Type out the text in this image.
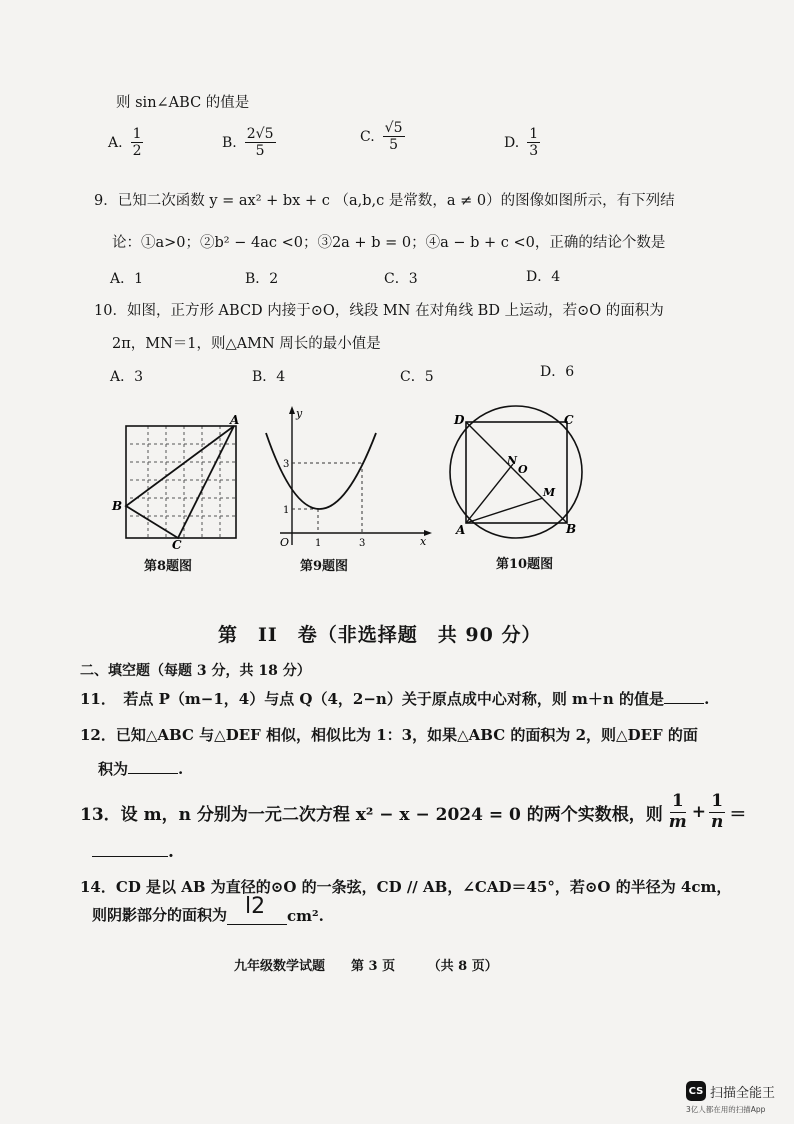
则 sin∠ABC 的值是
A. $\frac{1}{2}$	B. $\frac{2√5}{5}$	C. $\frac{√5}{5}$	D. $\frac{1}{3}$
9．已知二次函数 y = ax² + bx + c （a,b,c 是常数，a ≠ 0）的图像如图所示，有下列结
论：①a>0；②b² − 4ac <0；③2a + b = 0；④a − b + c <0，正确的结论个数是
A．1	B．2	C．3	D．4
10．如图，正方形 ABCD 内接于⊙O，线段 MN 在对角线 BD 上运动，若⊙O 的面积为
2π，MN＝1，则△AMN 周长的最小值是
A．3	B．4	C．5	D．6
A
B
C
第8题图
y
x
O	1	3
1
3
第9题图
D	C
A	B
N
O
M
第10题图
第　II　卷（非选择题　共 90 分）
二、填空题（每题 3 分，共 18 分）
11．　若点 P（m−1，4）与点 Q（4，2−n）关于原点成中心对称，则 m＋n 的值是	.
12．已知△ABC 与△DEF 相似，相似比为 1：3，如果△ABC 的面积为 2，则△DEF 的面
积为	.
13．设 m，n 分别为一元二次方程 x² − x − 2024 = 0 的两个实数根，则 $\frac{1}{m} + \frac{1}{n}$ ＝
.
14．CD 是以 AB 为直径的⊙O 的一条弦，CD // AB，∠CAD＝45°，若⊙O 的半径为 4cm，
则阴影部分的面积为 l2 cm².
九年级数学试题　　第 3 页　　　（共 8 页）
CS 扫描全能王
3亿人都在用的扫描App
